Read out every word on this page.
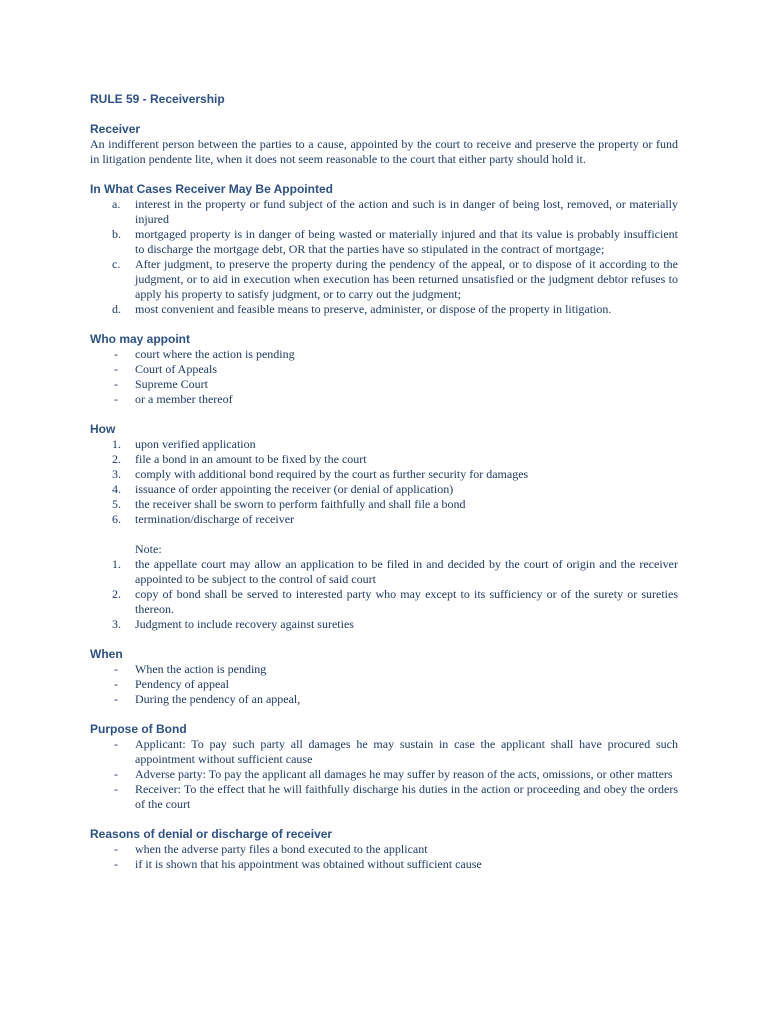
RULE 59 - Receivership

Receiver

An indifferent person between the parties to a cause, appointed by the court to receive and preserve the property or fund in litigation pendente lite, when it does not seem reasonable to the court that either party should hold it.

In What Cases Receiver May Be Appointed

a. interest in the property or fund subject of the action and such is in danger of being lost, removed, or materially injured
b. mortgaged property is in danger of being wasted or materially injured and that its value is probably insufficient to discharge the mortgage debt, OR that the parties have so stipulated in the contract of mortgage;
c. After judgment, to preserve the property during the pendency of the appeal, or to dispose of it according to the judgment, or to aid in execution when execution has been returned unsatisfied or the judgment debtor refuses to apply his property to satisfy judgment, or to carry out the judgment;
d. most convenient and feasible means to preserve, administer, or dispose of the property in litigation.

Who may appoint

- court where the action is pending
- Court of Appeals
- Supreme Court
- or a member thereof

How

1. upon verified application
2. file a bond in an amount to be fixed by the court
3. comply with additional bond required by the court as further security for damages
4. issuance of order appointing the receiver (or denial of application)
5. the receiver shall be sworn to perform faithfully and shall file a bond
6. termination/discharge of receiver
Note:
1. the appellate court may allow an application to be filed in and decided by the court of origin and the receiver appointed to be subject to the control of said court
2. copy of bond shall be served to interested party who may except to its sufficiency or of the surety or sureties thereon.
3. Judgment to include recovery against sureties

When

- When the action is pending
- Pendency of appeal
- During the pendency of an appeal,

Purpose of Bond

- Applicant: To pay such party all damages he may sustain in case the applicant shall have procured such appointment without sufficient cause
- Adverse party: To pay the applicant all damages he may suffer by reason of the acts, omissions, or other matters
- Receiver: To the effect that he will faithfully discharge his duties in the action or proceeding and obey the orders of the court

Reasons of denial or discharge of receiver

- when the adverse party files a bond executed to the applicant
- if it is shown that his appointment was obtained without sufficient cause
